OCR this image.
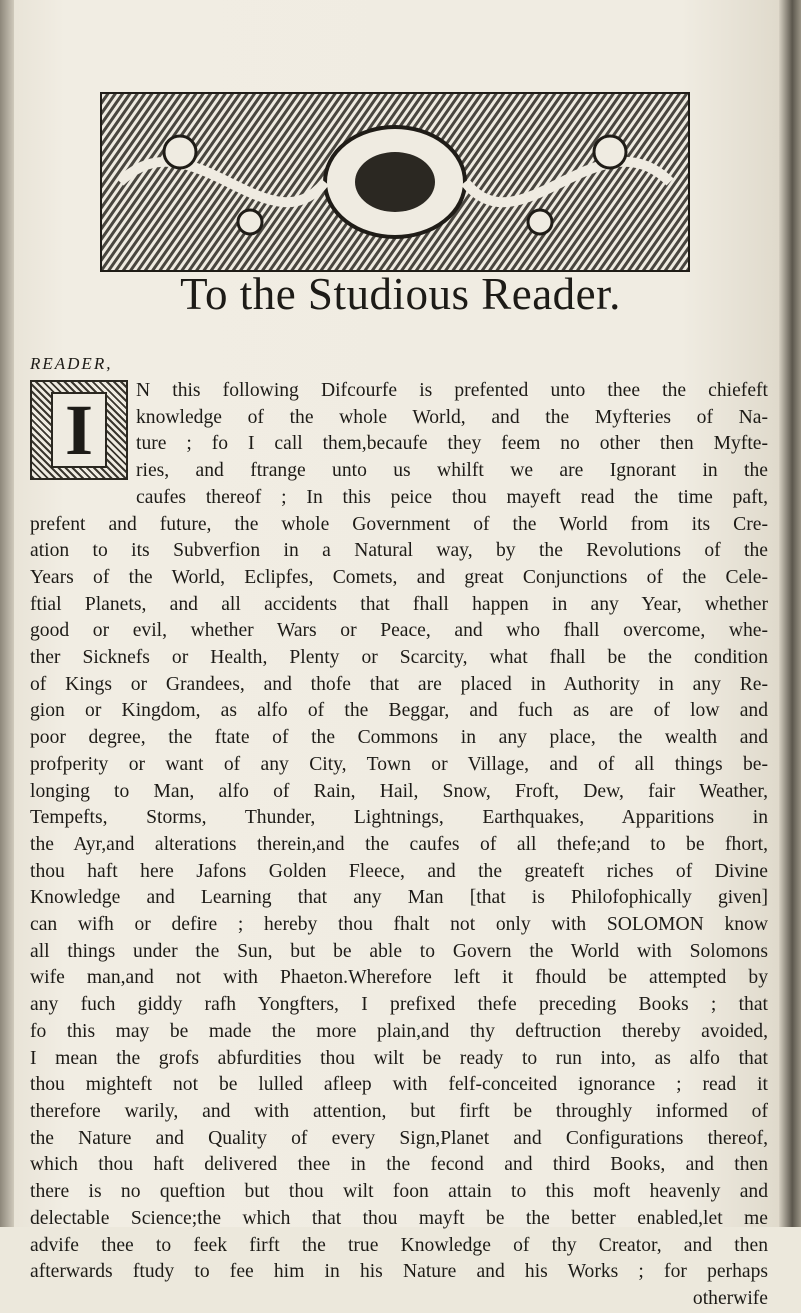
To the Studious Reader.
READER,
I	N this following Difcourfe is prefented unto thee the chiefeft
knowledge of the whole World, and the Myfteries of Na-
ture ; fo I call them,becaufe they feem no other then Myfte-
ries, and ftrange unto us whilft we are Ignorant in the
caufes thereof ; In this peice thou mayeft read the time paft,
prefent and future, the whole Government of the World from its Cre-
ation to its Subverfion in a Natural way, by the Revolutions of the
Years of the World, Eclipfes, Comets, and great Conjunctions of the Cele-
ftial Planets, and all accidents that fhall happen in any Year, whether
good or evil, whether Wars or Peace, and who fhall overcome, whe-
ther Sicknefs or Health, Plenty or Scarcity, what fhall be the condition
of Kings or Grandees, and thofe that are placed in Authority in any Re-
gion or Kingdom, as alfo of the Beggar, and fuch as are of low and
poor degree, the ftate of the Commons in any place, the wealth and
profperity or want of any City, Town or Village, and of all things be-
longing to Man, alfo of Rain, Hail, Snow, Froft, Dew, fair Weather,
Tempefts, Storms, Thunder, Lightnings, Earthquakes, Apparitions in
the Ayr,and alterations therein,and the caufes of all thefe;and to be fhort,
thou haft here Jafons Golden Fleece, and the greateft riches of Divine
Knowledge and Learning that any Man [that is Philofophically given]
can wifh or defire ; hereby thou fhalt not only with SOLOMON know
all things under the Sun, but be able to Govern the World with Solomons
wife man,and not with Phaeton.Wherefore left it fhould be attempted by
any fuch giddy rafh Yongfters, I prefixed thefe preceding Books ; that
fo this may be made the more plain,and thy deftruction thereby avoided,
I mean the grofs abfurdities thou wilt be ready to run into, as alfo that
thou mighteft not be lulled afleep with felf-conceited ignorance ; read it
therefore warily, and with attention, but firft be throughly informed of
the Nature and Quality of every Sign,Planet and Configurations thereof,
which thou haft delivered thee in the fecond and third Books, and then
there is no queftion but thou wilt foon attain to this moft heavenly and
delectable Science;the which that thou mayft be the better enabled,let me
advife thee to feek firft the true Knowledge of thy Creator, and then
afterwards ftudy to fee him in his Nature and his Works ; for perhaps
otherwife
